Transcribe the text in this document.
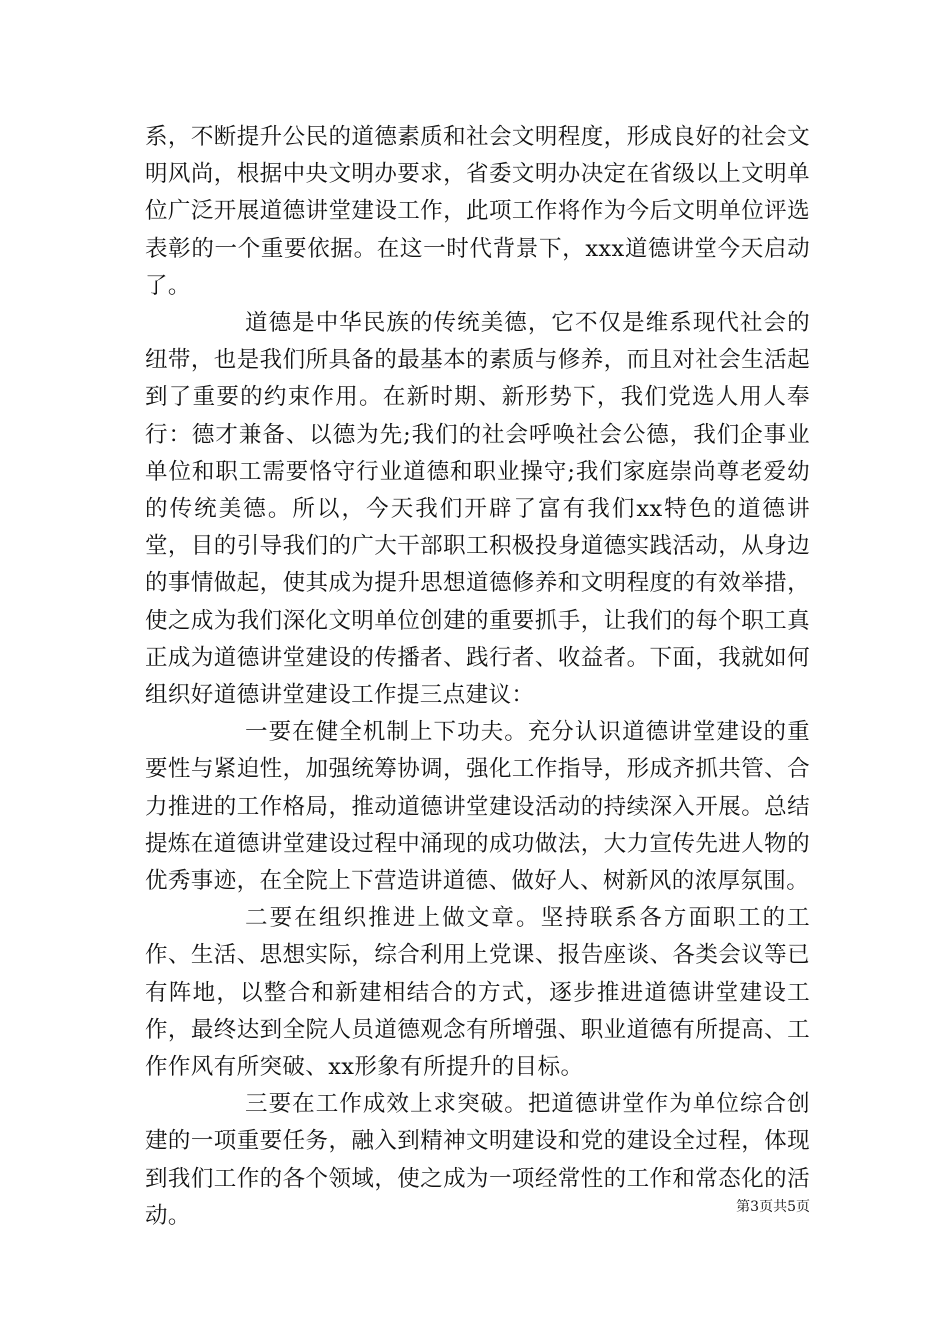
系，不断提升公民的道德素质和社会文明程度，形成良好的社会文明风尚，根据中央文明办要求，省委文明办决定在省级以上文明单位广泛开展道德讲堂建设工作，此项工作将作为今后文明单位评选表彰的一个重要依据。在这一时代背景下，xxx道德讲堂今天启动了。

道德是中华民族的传统美德，它不仅是维系现代社会的纽带，也是我们所具备的最基本的素质与修养，而且对社会生活起到了重要的约束作用。在新时期、新形势下，我们党选人用人奉行：德才兼备、以德为先;我们的社会呼唤社会公德，我们企事业单位和职工需要恪守行业道德和职业操守;我们家庭崇尚尊老爱幼的传统美德。所以，今天我们开辟了富有我们xx特色的道德讲堂，目的引导我们的广大干部职工积极投身道德实践活动，从身边的事情做起，使其成为提升思想道德修养和文明程度的有效举措，使之成为我们深化文明单位创建的重要抓手，让我们的每个职工真正成为道德讲堂建设的传播者、践行者、收益者。下面，我就如何组织好道德讲堂建设工作提三点建议：

一要在健全机制上下功夫。充分认识道德讲堂建设的重要性与紧迫性，加强统筹协调，强化工作指导，形成齐抓共管、合力推进的工作格局，推动道德讲堂建设活动的持续深入开展。总结提炼在道德讲堂建设过程中涌现的成功做法，大力宣传先进人物的优秀事迹，在全院上下营造讲道德、做好人、树新风的浓厚氛围。

二要在组织推进上做文章。坚持联系各方面职工的工作、生活、思想实际，综合利用上党课、报告座谈、各类会议等已有阵地，以整合和新建相结合的方式，逐步推进道德讲堂建设工作，最终达到全院人员道德观念有所增强、职业道德有所提高、工作作风有所突破、xx形象有所提升的目标。

三要在工作成效上求突破。把道德讲堂作为单位综合创建的一项重要任务，融入到精神文明建设和党的建设全过程，体现到我们工作的各个领域，使之成为一项经常性的工作和常态化的活动。	第3页共5页
